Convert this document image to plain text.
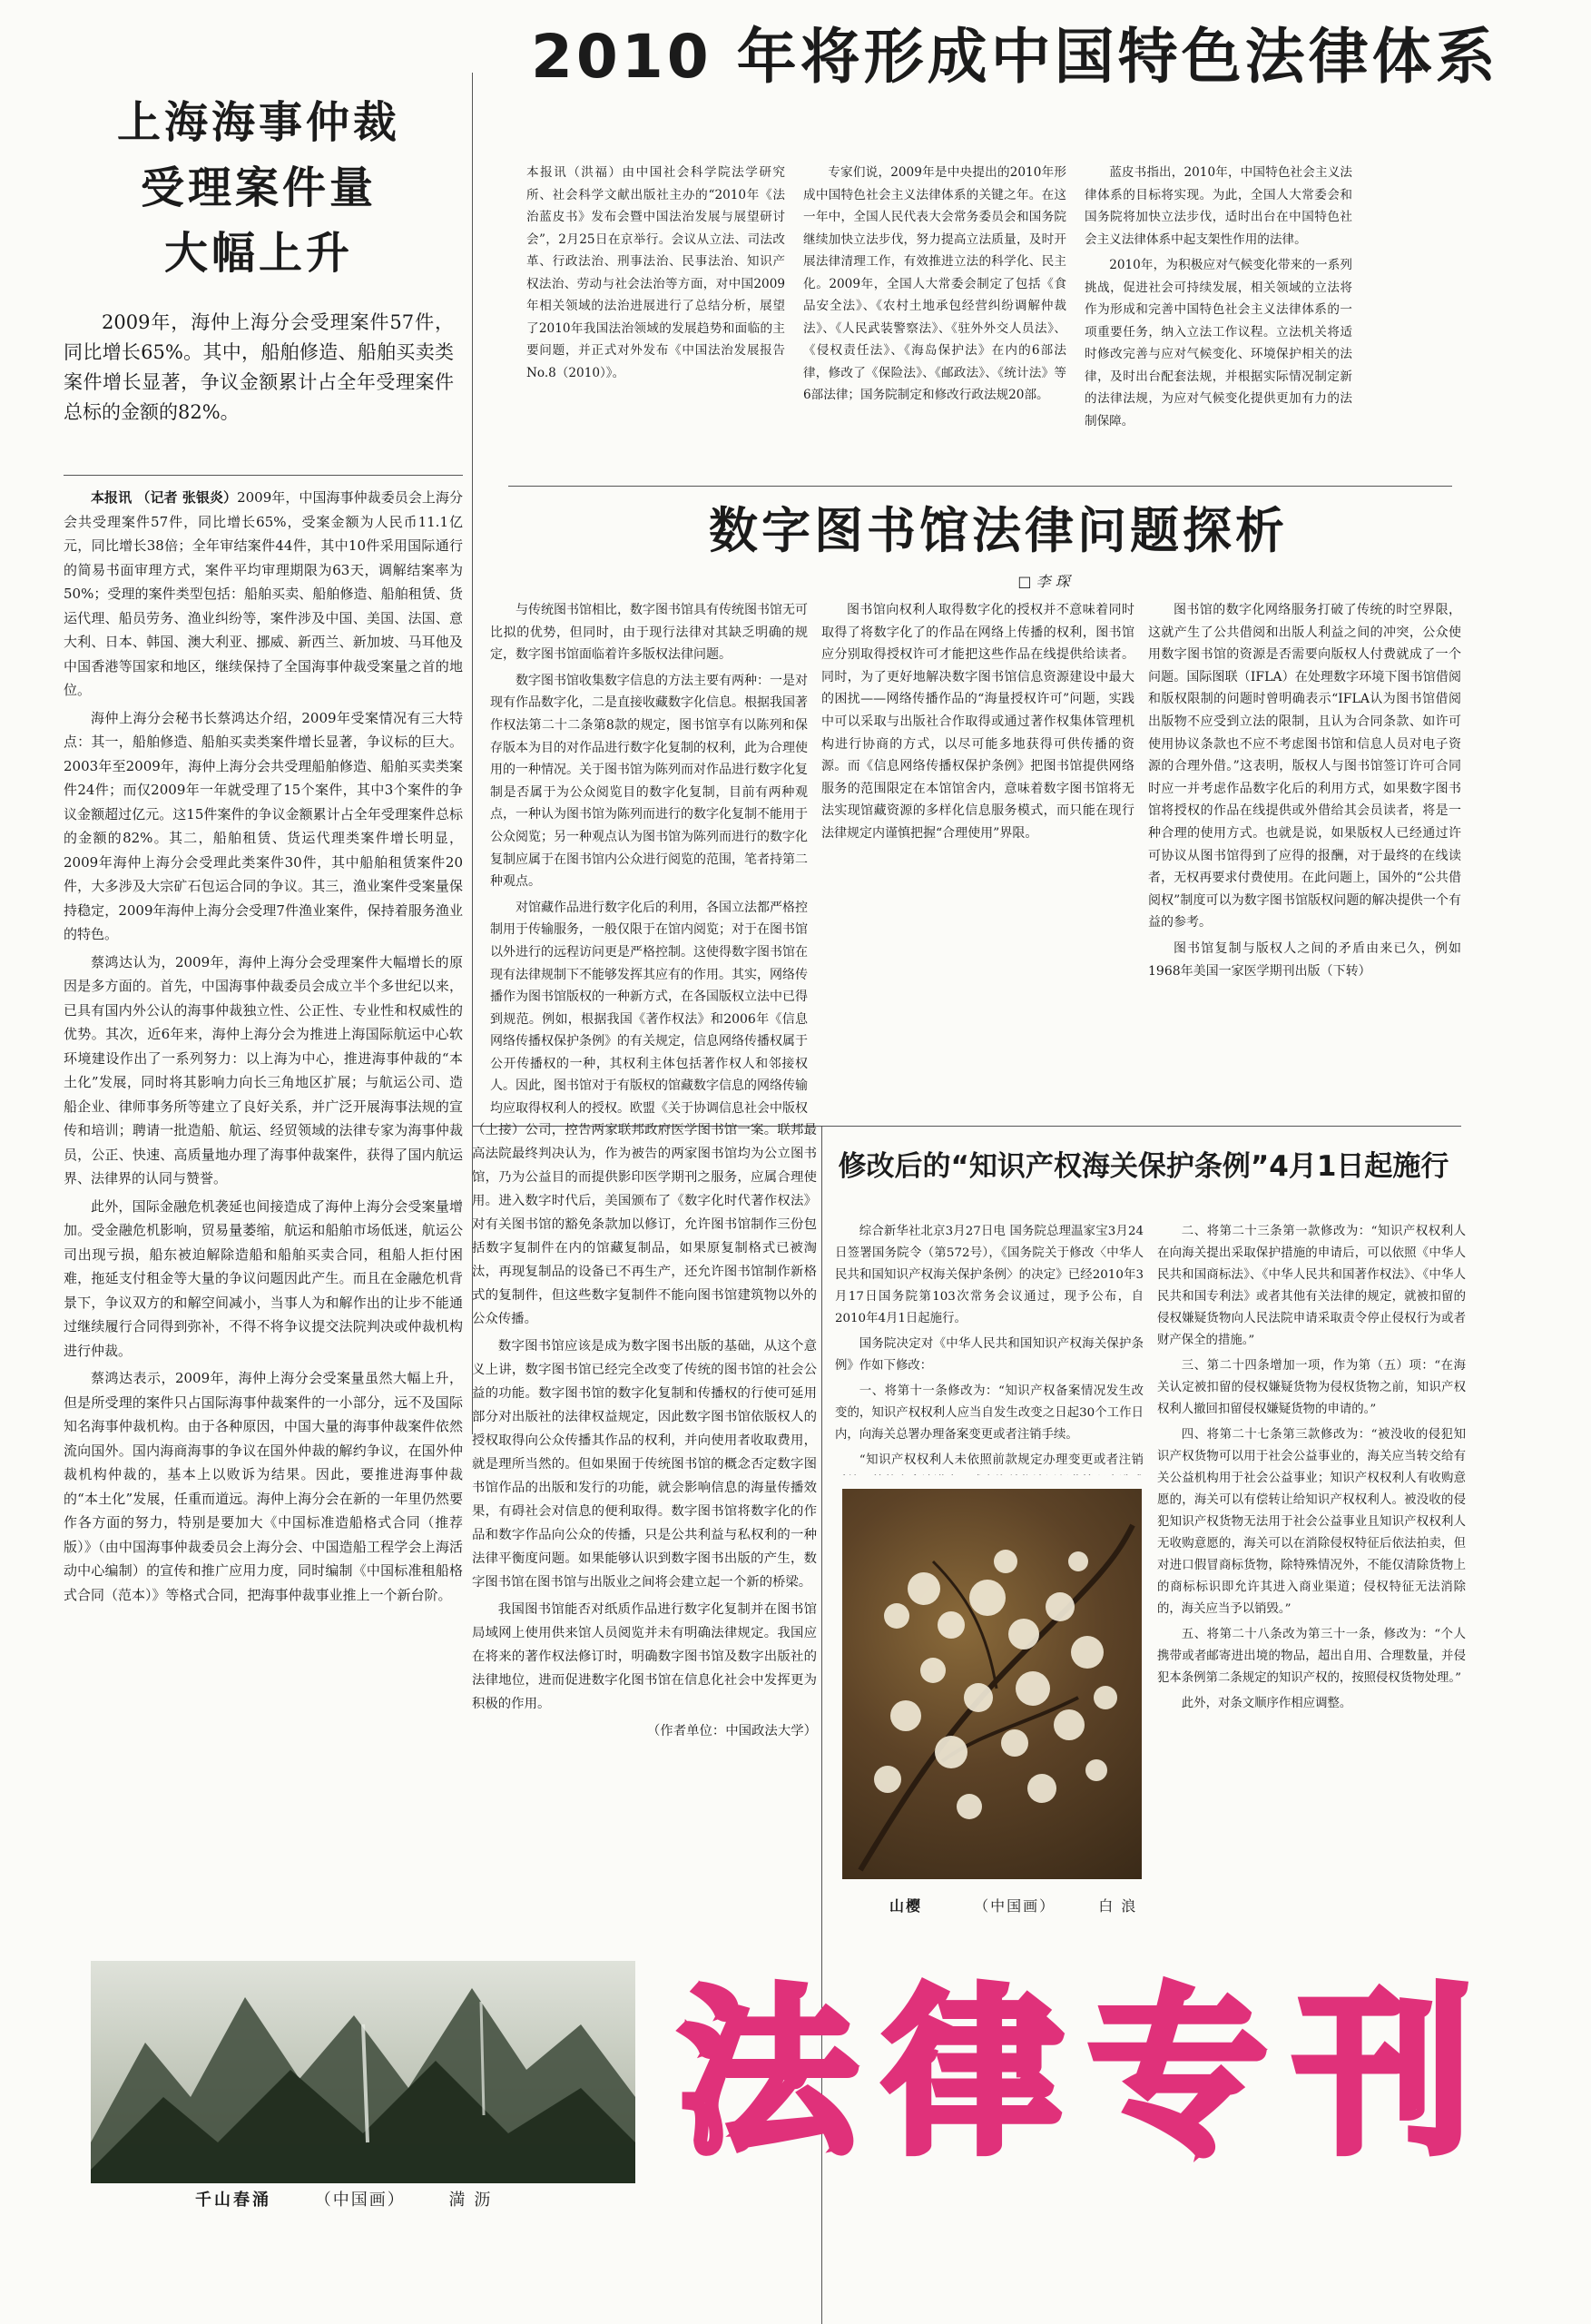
2010 年将形成中国特色法律体系
上海海事仲裁
受理案件量
大幅上升

2009年，海仲上海分会受理案件57件，同比增长65%。其中，船舶修造、船舶买卖类案件增长显著，争议金额累计占全年受理案件总标的金额的82%。

本报讯 （记者 张银炎）2009年，中国海事仲裁委员会上海分会共受理案件57件，同比增长65%，受案金额为人民币11.1亿元，同比增长38倍；全年审结案件44件，其中10件采用国际通行的简易书面审理方式，案件平均审理期限为63天，调解结案率为50%；受理的案件类型包括：船舶买卖、船舶修造、船舶租赁、货运代理、船员劳务、渔业纠纷等，案件涉及中国、美国、法国、意大利、日本、韩国、澳大利亚、挪威、新西兰、新加坡、马耳他及中国香港等国家和地区，继续保持了全国海事仲裁受案量之首的地位。

海仲上海分会秘书长蔡鸿达介绍，2009年受案情况有三大特点：其一，船舶修造、船舶买卖类案件增长显著，争议标的巨大。2003年至2009年，海仲上海分会共受理船舶修造、船舶买卖类案件24件；而仅2009年一年就受理了15个案件，其中3个案件的争议金额超过亿元。这15件案件的争议金额累计占全年受理案件总标的金额的82%。其二，船舶租赁、货运代理类案件增长明显，2009年海仲上海分会受理此类案件30件，其中船舶租赁案件20件，大多涉及大宗矿石包运合同的争议。其三，渔业案件受案量保持稳定，2009年海仲上海分会受理7件渔业案件，保持着服务渔业的特色。

蔡鸿达认为，2009年，海仲上海分会受理案件大幅增长的原因是多方面的。首先，中国海事仲裁委员会成立半个多世纪以来，已具有国内外公认的海事仲裁独立性、公正性、专业性和权威性的优势。其次，近6年来，海仲上海分会为推进上海国际航运中心软环境建设作出了一系列努力：以上海为中心，推进海事仲裁的“本土化”发展，同时将其影响力向长三角地区扩展；与航运公司、造船企业、律师事务所等建立了良好关系，并广泛开展海事法规的宣传和培训；聘请一批造船、航运、经贸领域的法律专家为海事仲裁员，公正、快速、高质量地办理了海事仲裁案件，获得了国内航运界、法律界的认同与赞誉。

此外，国际金融危机袭延也间接造成了海仲上海分会受案量增加。受金融危机影响，贸易量萎缩，航运和船舶市场低迷，航运公司出现亏损，船东被迫解除造船和船舶买卖合同，租船人拒付困难，拖延支付租金等大量的争议问题因此产生。而且在金融危机背景下，争议双方的和解空间减小，当事人为和解作出的让步不能通过继续履行合同得到弥补，不得不将争议提交法院判决或仲裁机构进行仲裁。

蔡鸿达表示，2009年，海仲上海分会受案量虽然大幅上升，但是所受理的案件只占国际海事仲裁案件的一小部分，远不及国际知名海事仲裁机构。由于各种原因，中国大量的海事仲裁案件依然流向国外。国内海商海事的争议在国外仲裁的解约争议，在国外仲裁机构仲裁的，基本上以败诉为结果。因此，要推进海事仲裁的“本土化”发展，任重而道远。海仲上海分会在新的一年里仍然要作各方面的努力，特别是要加大《中国标准造船格式合同（推荐版）》（由中国海事仲裁委员会上海分会、中国造船工程学会上海活动中心编制）的宣传和推广应用力度，同时编制《中国标准租船格式合同（范本）》等格式合同，把海事仲裁事业推上一个新台阶。

本报讯（洪福）由中国社会科学院法学研究所、社会科学文献出版社主办的“2010年《法治蓝皮书》发布会暨中国法治发展与展望研讨会”，2月25日在京举行。会议从立法、司法改革、行政法治、刑事法治、民事法治、知识产权法治、劳动与社会法治等方面，对中国2009年相关领域的法治进展进行了总结分析，展望了2010年我国法治领域的发展趋势和面临的主要问题，并正式对外发布《中国法治发展报告No.8（2010）》。

专家们说，2009年是中央提出的2010年形成中国特色社会主义法律体系的关键之年。在这一年中，全国人民代表大会常务委员会和国务院继续加快立法步伐，努力提高立法质量，及时开展法律清理工作，有效推进立法的科学化、民主化。2009年，全国人大常委会制定了包括《食品安全法》、《农村土地承包经营纠纷调解仲裁法》、《人民武装警察法》、《驻外外交人员法》、《侵权责任法》、《海岛保护法》在内的6部法律，修改了《保险法》、《邮政法》、《统计法》等6部法律；国务院制定和修改行政法规20部。

蓝皮书指出，2010年，中国特色社会主义法律体系的目标将实现。为此，全国人大常委会和国务院将加快立法步伐，适时出台在中国特色社会主义法律体系中起支架性作用的法律。

2010年，为积极应对气候变化带来的一系列挑战，促进社会可持续发展，相关领域的立法将作为形成和完善中国特色社会主义法律体系的一项重要任务，纳入立法工作议程。立法机关将适时修改完善与应对气候变化、环境保护相关的法律，及时出台配套法规，并根据实际情况制定新的法律法规，为应对气候变化提供更加有力的法制保障。

数字图书馆法律问题探析
□ 李 琛

与传统图书馆相比，数字图书馆具有传统图书馆无可比拟的优势，但同时，由于现行法律对其缺乏明确的规定，数字图书馆面临着许多版权法律问题。

数字图书馆收集数字信息的方法主要有两种：一是对现有作品数字化，二是直接收藏数字化信息。根据我国著作权法第二十二条第8款的规定，图书馆享有以陈列和保存版本为目的对作品进行数字化复制的权利，此为合理使用的一种情况。关于图书馆为陈列而对作品进行数字化复制是否属于为公众阅览目的数字化复制，目前有两种观点，一种认为图书馆为陈列而进行的数字化复制不能用于公众阅览；另一种观点认为图书馆为陈列而进行的数字化复制应属于在图书馆内公众进行阅览的范围，笔者持第二种观点。

对馆藏作品进行数字化后的利用，各国立法都严格控制用于传输服务，一般仅限于在馆内阅览；对于在图书馆以外进行的远程访问更是严格控制。这使得数字图书馆在现有法律规制下不能够发挥其应有的作用。其实，网络传播作为图书馆版权的一种新方式，在各国版权立法中已得到规范。例如，根据我国《著作权法》和2006年《信息网络传播权保护条例》的有关规定，信息网络传播权属于公开传播权的一种，其权利主体包括著作权人和邻接权人。因此，图书馆对于有版权的馆藏数字信息的网络传输均应取得权利人的授权。欧盟《关于协调信息社会中版权

图书馆向权利人取得数字化的授权并不意味着同时取得了将数字化了的作品在网络上传播的权利，图书馆应分别取得授权许可才能把这些作品在线提供给读者。同时，为了更好地解决数字图书馆信息资源建设中最大的困扰——网络传播作品的“海量授权许可”问题，实践中可以采取与出版社合作取得或通过著作权集体管理机构进行协商的方式，以尽可能多地获得可供传播的资源。而《信息网络传播权保护条例》把图书馆提供网络服务的范围限定在本馆馆舍内，意味着数字图书馆将无法实现馆藏资源的多样化信息服务模式，而只能在现行法律规定内谨慎把握“合理使用”界限。

图书馆的数字化网络服务打破了传统的时空界限，这就产生了公共借阅和出版人利益之间的冲突，公众使用数字图书馆的资源是否需要向版权人付费就成了一个问题。国际图联（IFLA）在处理数字环境下图书馆借阅和版权限制的问题时曾明确表示“IFLA认为图书馆借阅出版物不应受到立法的限制，且认为合同条款、如许可使用协议条款也不应不考虑图书馆和信息人员对电子资源的合理外借。”这表明，版权人与图书馆签订许可合同时应一并考虑作品数字化后的利用方式，如果数字图书馆将授权的作品在线提供或外借给其会员读者，将是一种合理的使用方式。也就是说，如果版权人已经通过许可协议从图书馆得到了应得的报酬，对于最终的在线读者，无权再要求付费使用。在此问题上，国外的“公共借阅权”制度可以为数字图书馆版权问题的解决提供一个有益的参考。

图书馆复制与版权人之间的矛盾由来已久，例如1968年美国一家医学期刊出版（下转）

（上接）公司，控告两家联邦政府医学图书馆一案。联邦最高法院最终判决认为，作为被告的两家图书馆均为公立图书馆，乃为公益目的而提供影印医学期刊之服务，应属合理使用。进入数字时代后，美国颁布了《数字化时代著作权法》对有关图书馆的豁免条款加以修订，允许图书馆制作三份包括数字复制件在内的馆藏复制品，如果原复制格式已被淘汰，再现复制品的设备已不再生产，还允许图书馆制作新格式的复制件，但这些数字复制件不能向图书馆建筑物以外的公众传播。

数字图书馆应该是成为数字图书出版的基础，从这个意义上讲，数字图书馆已经完全改变了传统的图书馆的社会公益的功能。数字图书馆的数字化复制和传播权的行使可延用部分对出版社的法律权益规定，因此数字图书馆依版权人的授权取得向公众传播其作品的权利，并向使用者收取费用，就是理所当然的。但如果囿于传统图书馆的概念否定数字图书馆作品的出版和发行的功能，就会影响信息的海量传播效果，有碍社会对信息的便利取得。数字图书馆将数字化的作品和数字作品向公众的传播，只是公共利益与私权利的一种法律平衡度问题。如果能够认识到数字图书出版的产生，数字图书馆在图书馆与出版业之间将会建立起一个新的桥梁。

我国图书馆能否对纸质作品进行数字化复制并在图书馆局域网上使用供来馆人员阅览并未有明确法律规定。我国应在将来的著作权法修订时，明确数字图书馆及数字出版社的法律地位，进而促进数字化图书馆在信息化社会中发挥更为积极的作用。

（作者单位：中国政法大学）

修改后的“知识产权海关保护条例”4月1日起施行

综合新华社北京3月27日电 国务院总理温家宝3月24日签署国务院令（第572号），《国务院关于修改〈中华人民共和国知识产权海关保护条例〉的决定》已经2010年3月17日国务院第103次常务会议通过，现予公布，自2010年4月1日起施行。

国务院决定对《中华人民共和国知识产权海关保护条例》作如下修改：

一、将第十一条修改为：“知识产权备案情况发生改变的，知识产权权利人应当自发生改变之日起30个工作日内，向海关总署办理备案变更或者注销手续。

“知识产权权利人未依照前款规定办理变更或者注销

二、将第二十三条第一款修改为：“知识产权权利人在向海关提出采取保护措施的申请后，可以依照《中华人民共和国商标法》、《中华人民共和国著作权法》、《中华人民共和国专利法》或者其他有关法律的规定，就被扣留的侵权嫌疑货物向人民法院申请采取责令停止侵权行为或者财产保全的措施。”

三、第二十四条增加一项，作为第（五）项：“在海关认定被扣留的侵权嫌疑货物为侵权货物之前，知识产权权利人撤回扣留侵权嫌疑货物的申请的。”

四、将第二十七条第三款修改为：“被没收的侵犯知识产权货物可以用于社会公益事业的，海关应当转交给有关公益机构用于社会公益事业；知识产权权利人有收购意愿的，海关可以有偿转让给知识产权权利人。被没收的侵犯知识产权货物无法用于社会公益事业且知识产权权利人无收购意愿的，海关可以在消除侵权特征后依法拍卖，但对进口假冒商标货物，除特殊情况外，不能仅清除货物上的商标标识即允许其进入商业渠道；侵权特征无法消除的，海关应当予以销毁。”

五、将第二十八条改为第三十一条，修改为：“个人携带或者邮寄进出境的物品，超出自用、合理数量，并侵犯本条例第二条规定的知识产权的，按照侵权货物处理。”

此外，对条文顺序作相应调整。

山樱	（中国画）	白 浪
千山春涌	（中国画）	満 沥
法律专刊
